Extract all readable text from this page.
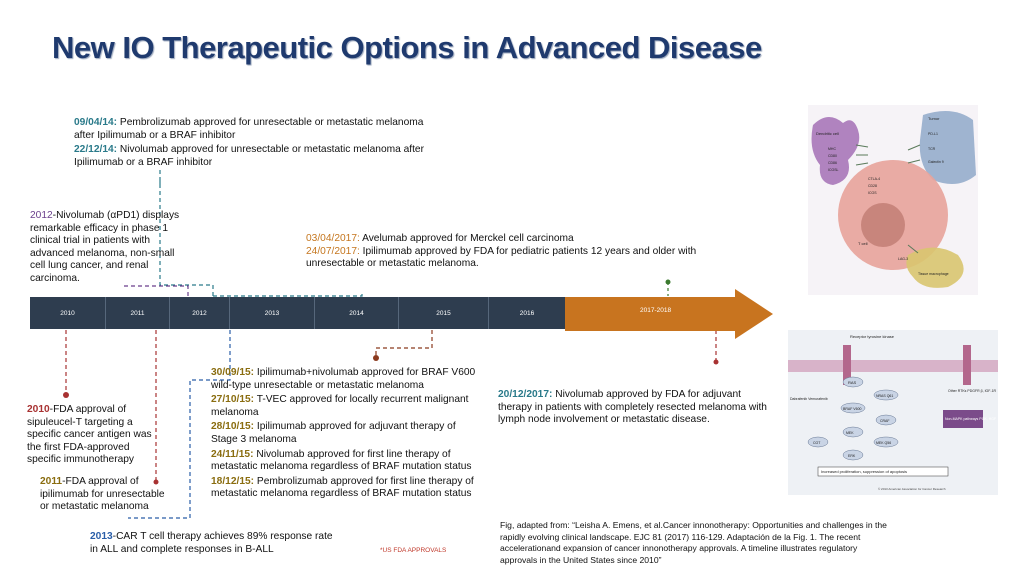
New IO Therapeutic Options in Advanced Disease

09/04/14: Pembrolizumab approved for unresectable or metastatic melanoma after Ipilimumab or a BRAF inhibitor

22/12/14: Nivolumab approved for unresectable or metastatic melanoma after Ipilimumab or a BRAF inhibitor

2012-Nivolumab (αPD1) displays remarkable efficacy in phase 1 clinical trial in patients with advanced melanoma, non-small cell lung cancer, and renal carcinoma.

03/04/2017: Avelumab approved for Merckel cell carcinoma

24/07/2017: Ipilimumab approved by FDA for pediatric patients 12 years and older with unresectable or metastatic melanoma.

2010	2011	2012	2013	2014	2015	2016	2017-2018
2010-FDA approval of sipuleucel-T targeting a specific cancer antigen was the first FDA-approved specific immunotherapy
2011-FDA approval of ipilimumab for unresectable or metastatic melanoma
2013-CAR T cell therapy achieves 89% response rate in ALL and complete responses in B-ALL

30/09/15: Ipilimumab+nivolumab approved for BRAF V600 wild-type unresectable or metastatic melanoma

27/10/15: T-VEC approved for locally recurrent malignant melanoma

28/10/15: Ipilimumab approved for adjuvant therapy of Stage 3 melanoma

24/11/15: Nivolumab approved for first line therapy of metastatic melanoma regardless of BRAF mutation status

18/12/15: Pembrolizumab approved for first line therapy of metastatic melanoma regardless of BRAF mutation status

20/12/2017: Nivolumab approved by FDA for adjuvant therapy in patients with completely resected melanoma with lymph node involvement or metastatic disease.
Dendritic cell
MHC
CD80
CD86
ICOSL
Tumor
PD-L1
TCR
Galectin 9
T cell
Tissue macrophage
CTLA-4
CD28
ICOS
LAG-3
Receptor tyrosine kinase
RAS
BRAF V600
NRAS Q61
CRAF
MEK
MEK Q56
ERK
COT
Dabrafenib Vemurafenib
Other RTKs PDGFR β, IGF-1R
Non-MAPK pathways PI3K, HGF
Increased proliferation, suppression of apoptosis
© 2013 American Association for Cancer Research
Fig, adapted from: “Leisha A. Emens, et al.Cancer innonotherapy: Opportunities and challenges in the rapidly evolving clinical landscape. EJC 81 (2017) 116-129. Adaptación de la Fig. 1. The recent accelerationand expansion of cancer innonotherapy approvals. A timeline illustrates regulatory approvals in the United States since 2010”
*US FDA APPROVALS
